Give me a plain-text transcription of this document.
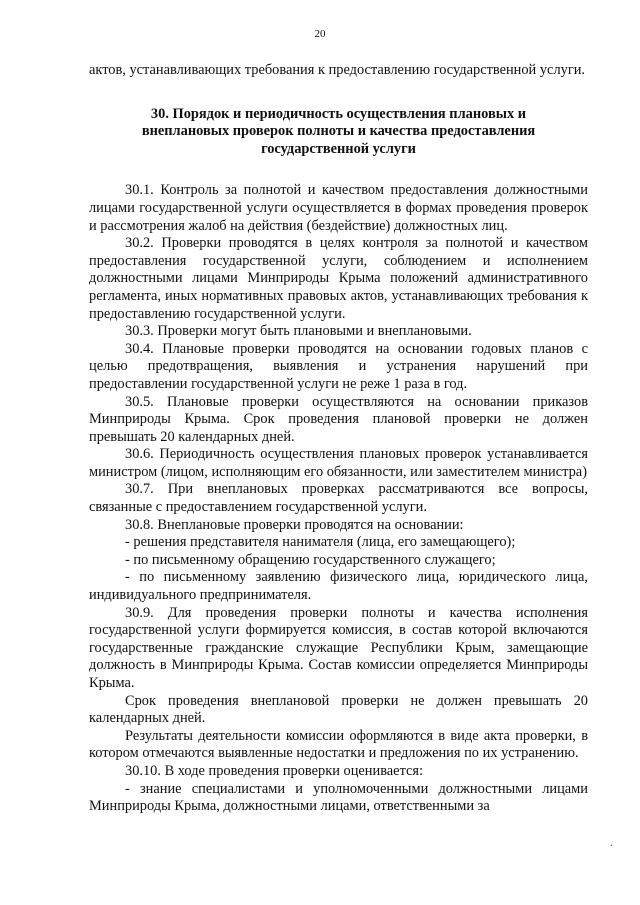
20

актов, устанавливающих требования к предоставлению государственной услуги.

30. Порядок и периодичность осуществления плановых и
внеплановых проверок полноты и качества предоставления
государственной услуги

30.1. Контроль за полнотой и качеством предоставления должностными лицами государственной услуги осуществляется в формах проведения проверок и рассмотрения жалоб на действия (бездействие) должностных лиц.

30.2. Проверки проводятся в целях контроля за полнотой и качеством предоставления государственной услуги, соблюдением и исполнением должностными лицами Минприроды Крыма положений административного регламента, иных нормативных правовых актов, устанавливающих требования к предоставлению государственной услуги.

30.3. Проверки могут быть плановыми и внеплановыми.

30.4. Плановые проверки проводятся на основании годовых планов с целью предотвращения, выявления и устранения нарушений при предоставлении государственной услуги не реже 1 раза в год.

30.5. Плановые проверки осуществляются на основании приказов Минприроды Крыма. Срок проведения плановой проверки не должен превышать 20 календарных дней.

30.6. Периодичность осуществления плановых проверок устанавливается министром (лицом, исполняющим его обязанности, или заместителем министра)

30.7. При внеплановых проверках рассматриваются все вопросы, связанные с предоставлением государственной услуги.

30.8. Внеплановые проверки проводятся на основании:

- решения представителя нанимателя (лица, его замещающего);

- по письменному обращению государственного служащего;

- по письменному заявлению физического лица, юридического лица, индивидуального предпринимателя.

30.9. Для проведения проверки полноты и качества исполнения государственной услуги формируется комиссия, в состав которой включаются государственные гражданские служащие Республики Крым, замещающие должность в Минприроды Крыма. Состав комиссии определяется Минприроды Крыма.

Срок проведения внеплановой проверки не должен превышать 20 календарных дней.

Результаты деятельности комиссии оформляются в виде акта проверки, в котором отмечаются выявленные недостатки и предложения по их устранению.

30.10. В ходе проведения проверки оценивается:

- знание специалистами и уполномоченными должностными лицами Минприроды Крыма, должностными лицами, ответственными за

.
